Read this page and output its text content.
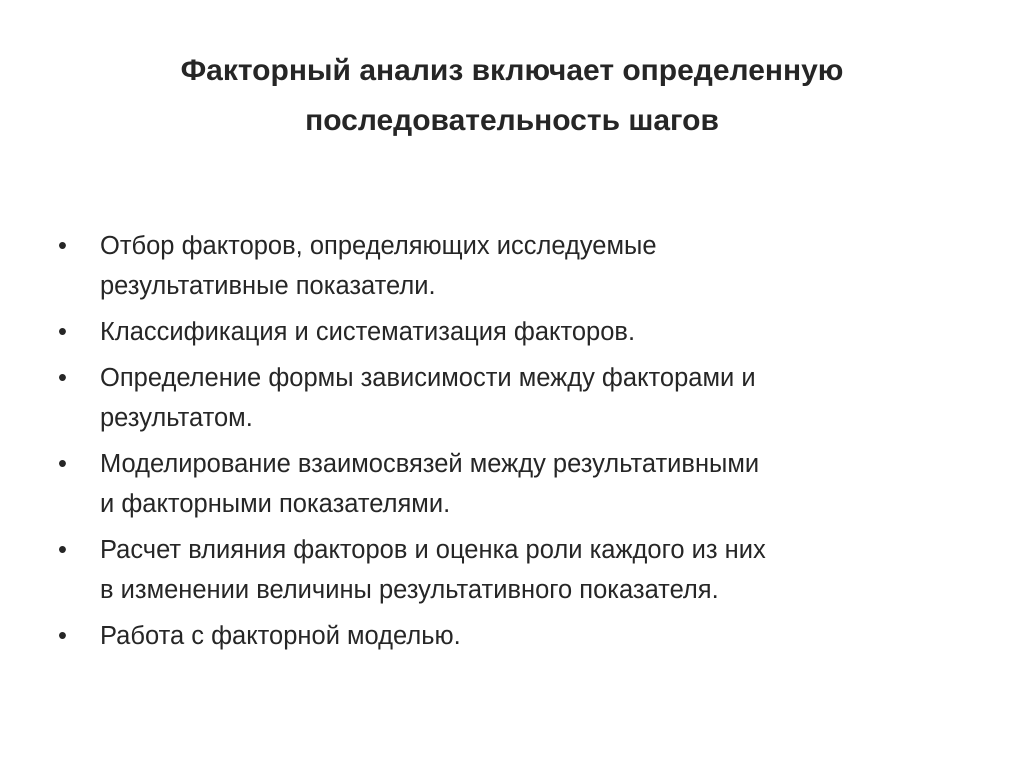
Факторный анализ включает определенную
последовательность шагов
• Отбор факторов, определяющих исследуемые
результативные показатели.
• Классификация и систематизация факторов.
• Определение формы зависимости между факторами и
результатом.
• Моделирование взаимосвязей между результативными
и факторными показателями.
• Расчет влияния факторов и оценка роли каждого из них
в изменении величины результативного показателя.
• Работа с факторной моделью.
